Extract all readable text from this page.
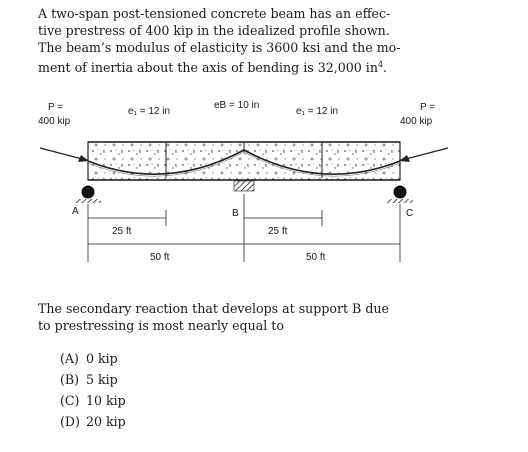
A two-span post-tensioned concrete beam has an effec-
tive prestress of 400 kip in the idealized profile shown.
The beam’s modulus of elasticity is 3600 ksi and the mo-
ment of inertia about the axis of bending is 32,000 $in^4$.
P =
400 kip
P =
400 kip
e₁ = 12 in
eB = 10 in
e₁ = 12 in
A	B	C
25 ft	25 ft
50 ft	50 ft
The secondary reaction that develops at support B due
to prestressing is most nearly equal to
(A) 0 kip
(B) 5 kip
(C) 10 kip
(D) 20 kip
